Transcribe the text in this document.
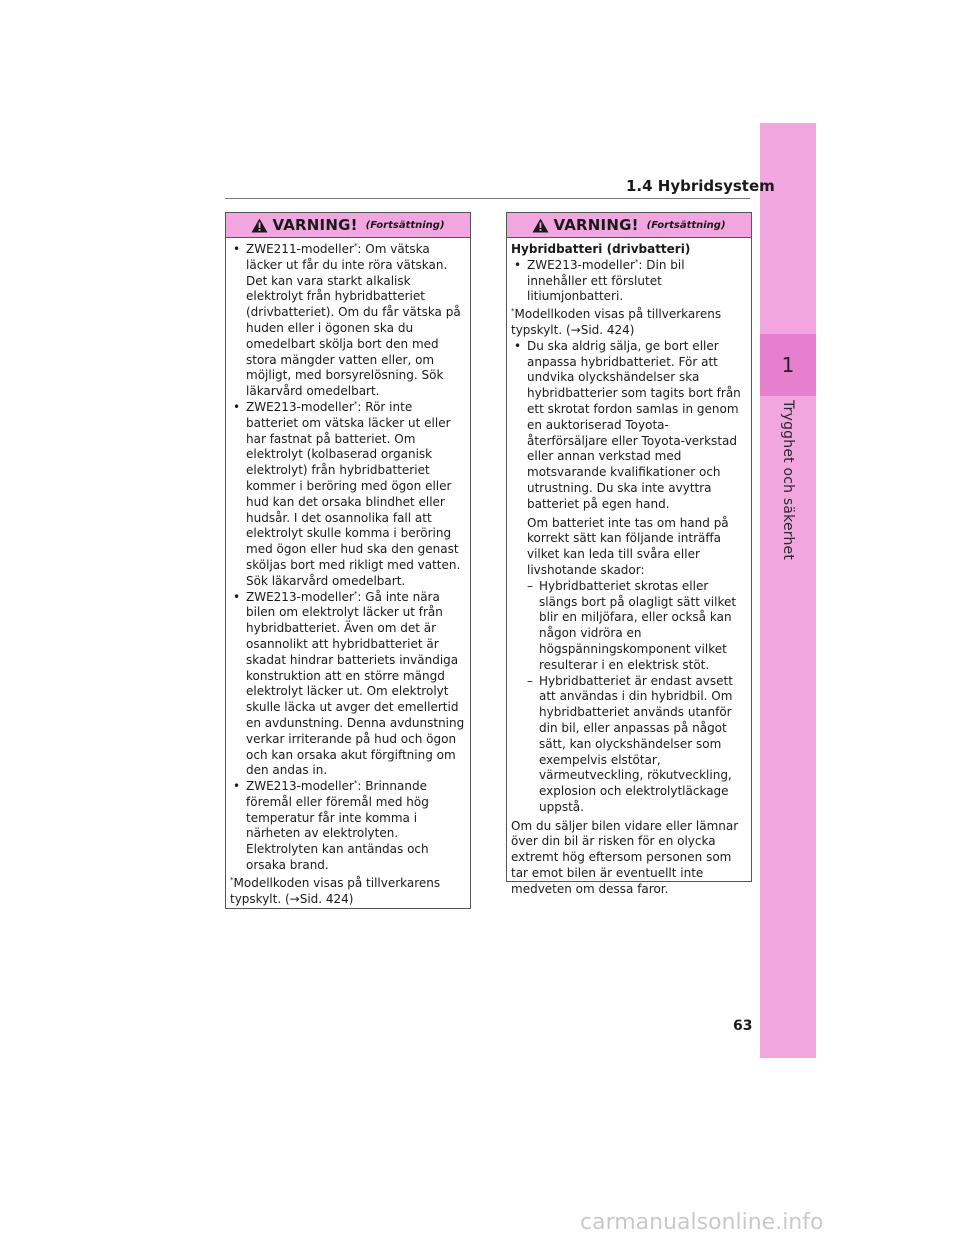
1
Trygghet och säkerhet
1.4 Hybridsystem
VARNING! (Fortsättning)

• ZWE211-modeller*: Om vätska läcker ut får du inte röra vätskan. Det kan vara starkt alkalisk elektrolyt från hybridbatteriet (drivbatteriet). Om du får vätska på huden eller i ögonen ska du omedelbart skölja bort den med stora mängder vatten eller, om möjligt, med borsyrelösning. Sök läkarvård omedelbart.

• ZWE213-modeller*: Rör inte batteriet om vätska läcker ut eller har fastnat på batteriet. Om elektrolyt (kolbaserad organisk elektrolyt) från hybridbatteriet kommer i beröring med ögon eller hud kan det orsaka blindhet eller hudsår. I det osannolika fall att elektrolyt skulle komma i beröring med ögon eller hud ska den genast sköljas bort med rikligt med vatten. Sök läkarvård omedelbart.

• ZWE213-modeller*: Gå inte nära bilen om elektrolyt läcker ut från hybridbatteriet. Även om det är osannolikt att hybridbatteriet är skadat hindrar batteriets invändiga konstruktion att en större mängd elektrolyt läcker ut. Om elektrolyt skulle läcka ut avger det emellertid en avdunstning. Denna avdunstning verkar irriterande på hud och ögon och kan orsaka akut förgiftning om den andas in.

• ZWE213-modeller*: Brinnande föremål eller föremål med hög temperatur får inte komma i närheten av elektrolyten. Elektrolyten kan antändas och orsaka brand.

*Modellkoden visas på tillverkarens typskylt. (→Sid. 424)

VARNING! (Fortsättning)

Hybridbatteri (drivbatteri)

• ZWE213-modeller*: Din bil innehåller ett förslutet litiumjonbatteri.

*Modellkoden visas på tillverkarens typskylt. (→Sid. 424)

• Du ska aldrig sälja, ge bort eller anpassa hybridbatteriet. För att undvika olyckshändelser ska hybridbatterier som tagits bort från ett skrotat fordon samlas in genom en auktoriserad Toyota-återförsäljare eller Toyota-verkstad eller annan verkstad med motsvarande kvalifikationer och utrustning. Du ska inte avyttra batteriet på egen hand.

Om batteriet inte tas om hand på korrekt sätt kan följande inträffa vilket kan leda till svåra eller livshotande skador:

– Hybridbatteriet skrotas eller slängs bort på olagligt sätt vilket blir en miljöfara, eller också kan någon vidröra en högspänningskomponent vilket resulterar i en elektrisk stöt.

– Hybridbatteriet är endast avsett att användas i din hybridbil. Om hybridbatteriet används utanför din bil, eller anpassas på något sätt, kan olyckshändelser som exempelvis elstötar, värmeutveckling, rökutveckling, explosion och elektrolytläckage uppstå.

Om du säljer bilen vidare eller lämnar över din bil är risken för en olycka extremt hög eftersom personen som tar emot bilen är eventuellt inte medveten om dessa faror.

63
carmanualsonline.info
